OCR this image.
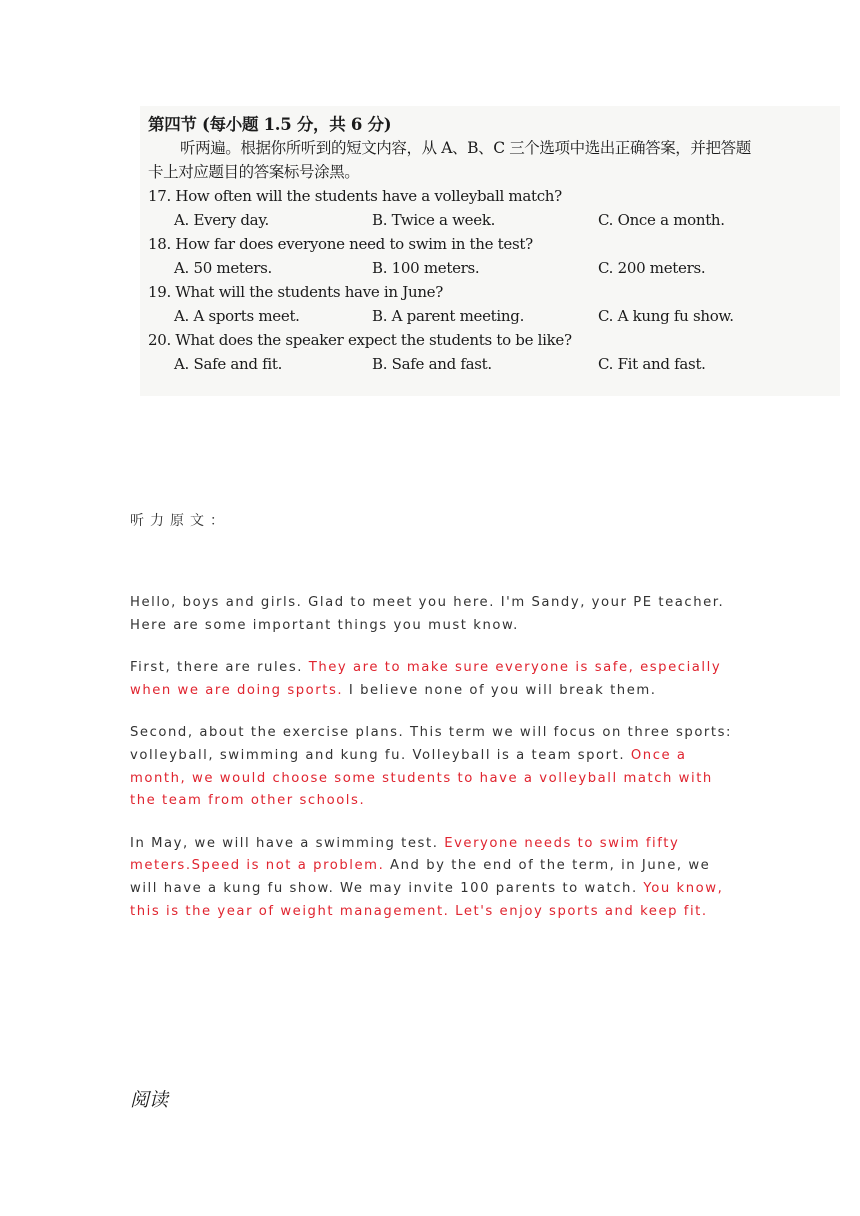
第四节 (每小题 1.5 分，共 6 分)
听两遍。根据你所听到的短文内容，从 A、B、C 三个选项中选出正确答案，并把答题
卡上对应题目的答案标号涂黑。
17. How often will the students have a volleyball match?
A. Every day.	B. Twice a week.	C. Once a month.
18. How far does everyone need to swim in the test?
A. 50 meters.	B. 100 meters.	C. 200 meters.
19. What will the students have in June?
A. A sports meet.	B. A parent meeting.	C. A kung fu show.
20. What does the speaker expect the students to be like?
A. Safe and fit.	B. Safe and fast.	C. Fit and fast.
听力原文：

Hello, boys and girls. Glad to meet you here. I'm Sandy, your PE teacher. Here are some important things you must know.

First, there are rules. They are to make sure everyone is safe, especially when we are doing sports. I believe none of you will break them.

Second, about the exercise plans. This term we will focus on three sports: volleyball, swimming and kung fu. Volleyball is a team sport. Once a month, we would choose some students to have a volleyball match with the team from other schools.

In May, we will have a swimming test. Everyone needs to swim fifty meters.Speed is not a problem. And by the end of the term, in June, we will have a kung fu show. We may invite 100 parents to watch. You know, this is the year of weight management. Let's enjoy sports and keep fit.

阅读
